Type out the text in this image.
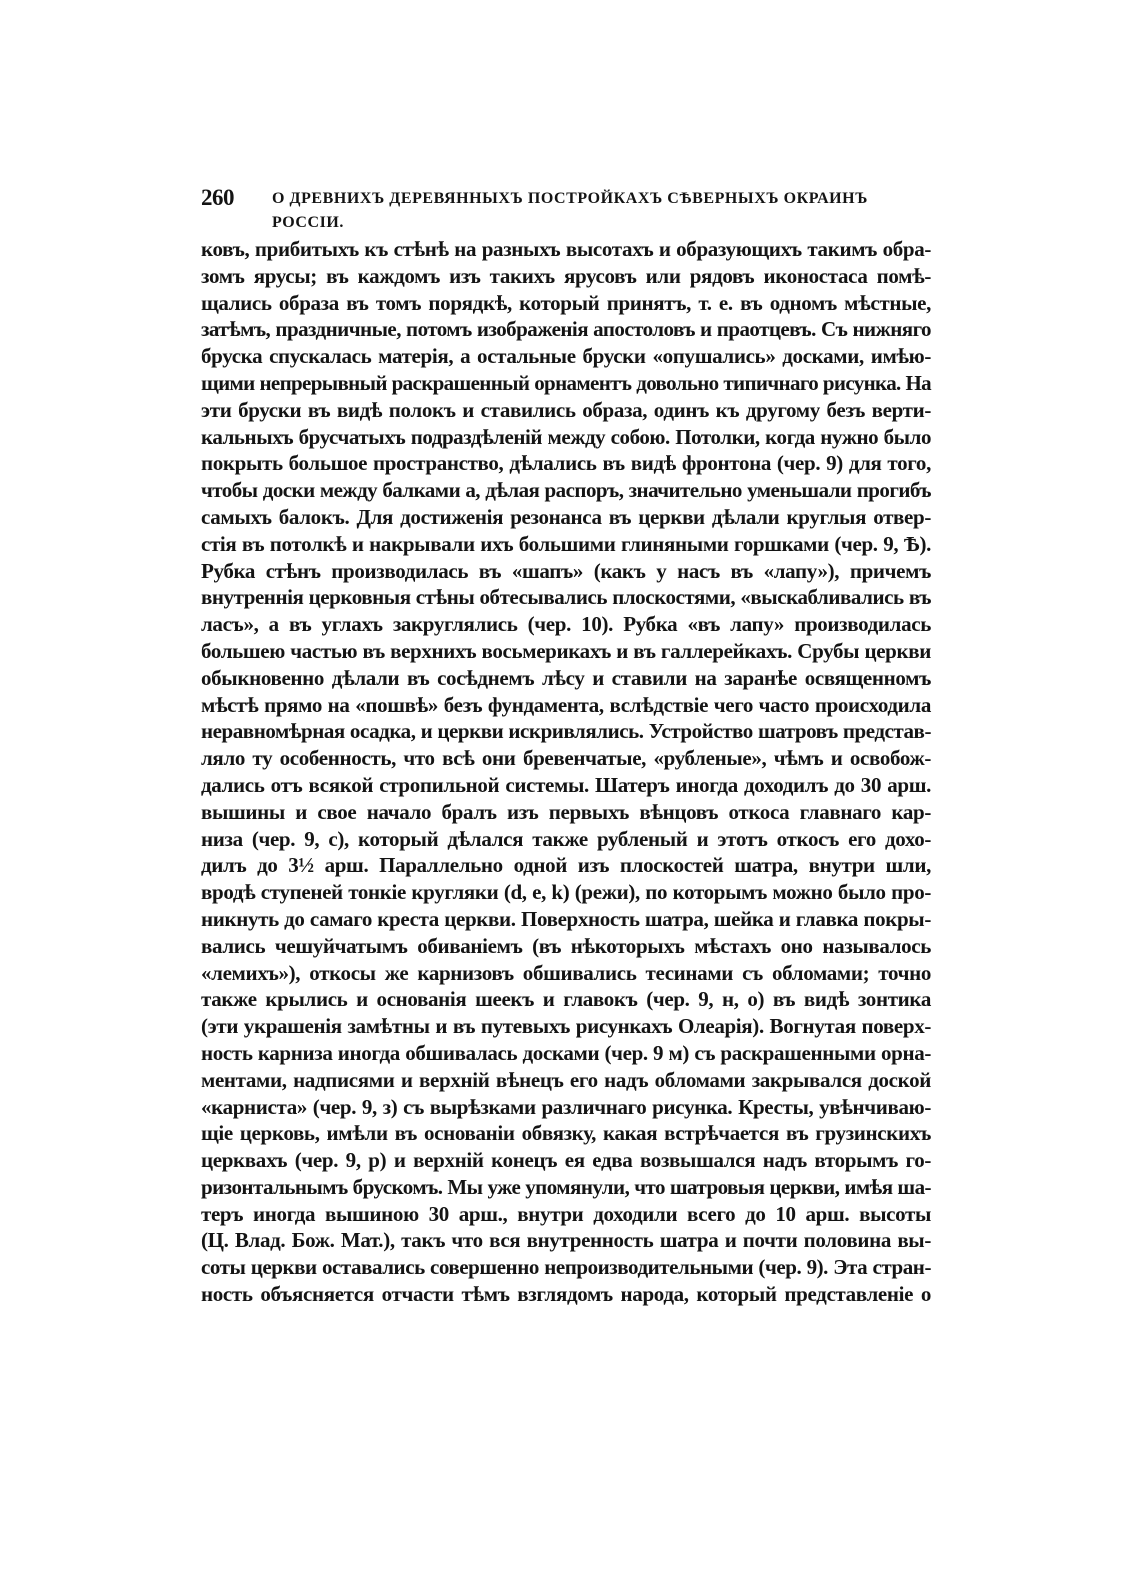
260 О ДРЕВНИХЪ ДЕРЕВЯННЫХЪ ПОСТРОЙКАХЪ СѢВЕРНЫХЪ ОКРАИНЪ РОССІИ.
ковъ, прибитыхъ къ стѣнѣ на разныхъ высотахъ и образующихъ такимъ обра-
зомъ ярусы; въ каждомъ изъ такихъ ярусовъ или рядовъ иконостаса помѣ-
щались образа въ томъ порядкѣ, который принятъ, т. е. въ одномъ мѣстные,
затѣмъ, праздничные, потомъ изображенія апостоловъ и праотцевъ. Съ нижняго
бруска спускалась матерія, а остальные бруски «опушались» досками, имѣю-
щими непрерывный раскрашенный орнаментъ довольно типичнаго рисунка. На
эти бруски въ видѣ полокъ и ставились образа, одинъ къ другому безъ верти-
кальныхъ брусчатыхъ подраздѣленій между собою. Потолки, когда нужно было
покрыть большое пространство, дѣлались въ видѣ фронтона (чер. 9) для того,
чтобы доски между балками a, дѣлая распоръ, значительно уменьшали прогибъ
самыхъ балокъ. Для достиженія резонанса въ церкви дѣлали круглыя отвер-
стія въ потолкѣ и накрывали ихъ большими глиняными горшками (чер. 9, Ѣ).
Рубка стѣнъ производилась въ «шапъ» (какъ у насъ въ «лапу»), причемъ
внутреннія церковныя стѣны обтесывались плоскостями, «выскабливались въ
ласъ», а въ углахъ закруглялись (чер. 10). Рубка «въ лапу» производилась
большею частью въ верхнихъ восьмерикахъ и въ галлерейкахъ. Срубы церкви
обыкновенно дѣлали въ сосѣднемъ лѣсу и ставили на заранѣе освященномъ
мѣстѣ прямо на «пошвѣ» безъ фундамента, вслѣдствіе чего часто происходила
неравномѣрная осадка, и церкви искривлялись. Устройство шатровъ представ-
ляло ту особенность, что всѣ они бревенчатые, «рубленые», чѣмъ и освобож-
дались отъ всякой стропильной системы. Шатеръ иногда доходилъ до 30 арш.
вышины и свое начало бралъ изъ первыхъ вѣнцовъ откоса главнаго кар-
низа (чер. 9, c), который дѣлался также рубленый и этотъ откосъ его дохо-
дилъ до 3½ арш. Параллельно одной изъ плоскостей шатра, внутри шли,
вродѣ ступеней тонкіе кругляки (d, e, k) (режи), по которымъ можно было про-
никнуть до самаго креста церкви. Поверхность шатра, шейка и главка покры-
вались чешуйчатымъ обиваніемъ (въ нѣкоторыхъ мѣстахъ оно называлось
«лемихъ»), откосы же карнизовъ обшивались тесинами съ обломами; точно
также крылись и основанія шеекъ и главокъ (чер. 9, н, o) въ видѣ зонтика
(эти украшенія замѣтны и въ путевыхъ рисункахъ Олеарія). Вогнутая поверх-
ность карниза иногда обшивалась досками (чер. 9 м) съ раскрашенными орна-
ментами, надписями и верхній вѣнецъ его надъ обломами закрывался доской
«карниста» (чер. 9, з) съ вырѣзками различнаго рисунка. Кресты, увѣнчиваю-
щіе церковь, имѣли въ основаніи обвязку, какая встрѣчается въ грузинскихъ
церквахъ (чер. 9, р) и верхній конецъ ея едва возвышался надъ вторымъ го-
ризонтальнымъ брускомъ. Мы уже упомянули, что шатровыя церкви, имѣя ша-
теръ иногда вышиною 30 арш., внутри доходили всего до 10 арш. высоты
(Ц. Влад. Бож. Мат.), такъ что вся внутренность шатра и почти половина вы-
соты церкви оставались совершенно непроизводительными (чер. 9). Эта стран-
ность объясняется отчасти тѣмъ взглядомъ народа, который представленіе о
